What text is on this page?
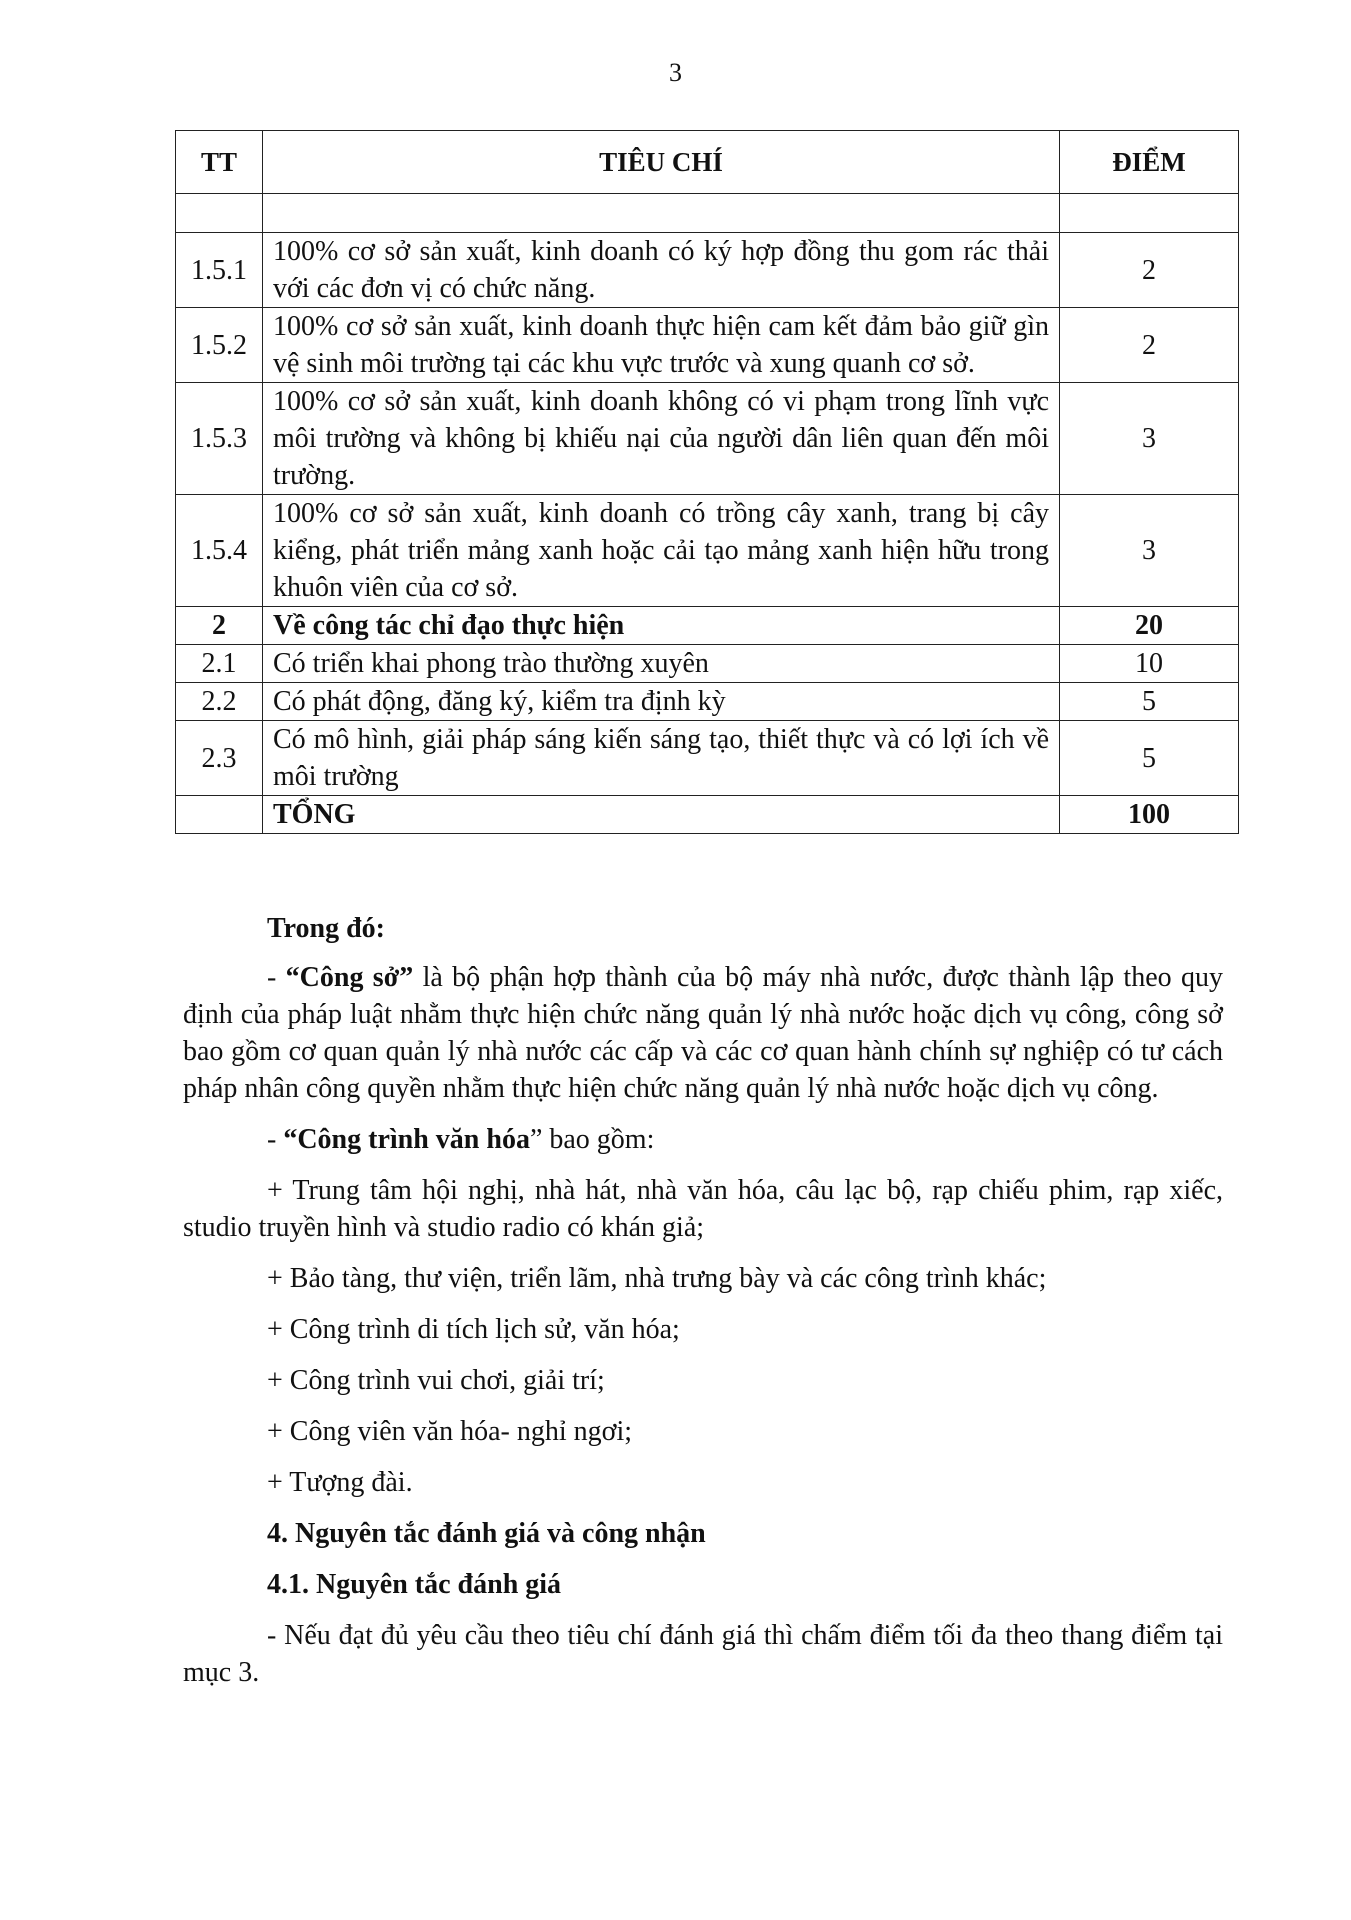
3
TT	TIÊU CHÍ	ĐIỂM

1.5.1	100% cơ sở sản xuất, kinh doanh có ký hợp đồng thu gom rác thải với các đơn vị có chức năng.	2
1.5.2	100% cơ sở sản xuất, kinh doanh thực hiện cam kết đảm bảo giữ gìn vệ sinh môi trường tại các khu vực trước và xung quanh cơ sở.	2
1.5.3	100% cơ sở sản xuất, kinh doanh không có vi phạm trong lĩnh vực môi trường và không bị khiếu nại của người dân liên quan đến môi trường.	3
1.5.4	100% cơ sở sản xuất, kinh doanh có trồng cây xanh, trang bị cây kiểng, phát triển mảng xanh hoặc cải tạo mảng xanh hiện hữu trong khuôn viên của cơ sở.	3
2	Về công tác chỉ đạo thực hiện	20
2.1	Có triển khai phong trào thường xuyên	10
2.2	Có phát động, đăng ký, kiểm tra định kỳ	5
2.3	Có mô hình, giải pháp sáng kiến sáng tạo, thiết thực và có lợi ích về môi trường	5
	TỔNG	100

Trong đó:

- “Công sở” là bộ phận hợp thành của bộ máy nhà nước, được thành lập theo quy định của pháp luật nhằm thực hiện chức năng quản lý nhà nước hoặc dịch vụ công, công sở bao gồm cơ quan quản lý nhà nước các cấp và các cơ quan hành chính sự nghiệp có tư cách pháp nhân công quyền nhằm thực hiện chức năng quản lý nhà nước hoặc dịch vụ công.

- “Công trình văn hóa” bao gồm:

+ Trung tâm hội nghị, nhà hát, nhà văn hóa, câu lạc bộ, rạp chiếu phim, rạp xiếc, studio truyền hình và studio radio có khán giả;

+ Bảo tàng, thư viện, triển lãm, nhà trưng bày và các công trình khác;

+ Công trình di tích lịch sử, văn hóa;

+ Công trình vui chơi, giải trí;

+ Công viên văn hóa- nghỉ ngơi;

+ Tượng đài.

4. Nguyên tắc đánh giá và công nhận

4.1. Nguyên tắc đánh giá

- Nếu đạt đủ yêu cầu theo tiêu chí đánh giá thì chấm điểm tối đa theo thang điểm tại mục 3.
